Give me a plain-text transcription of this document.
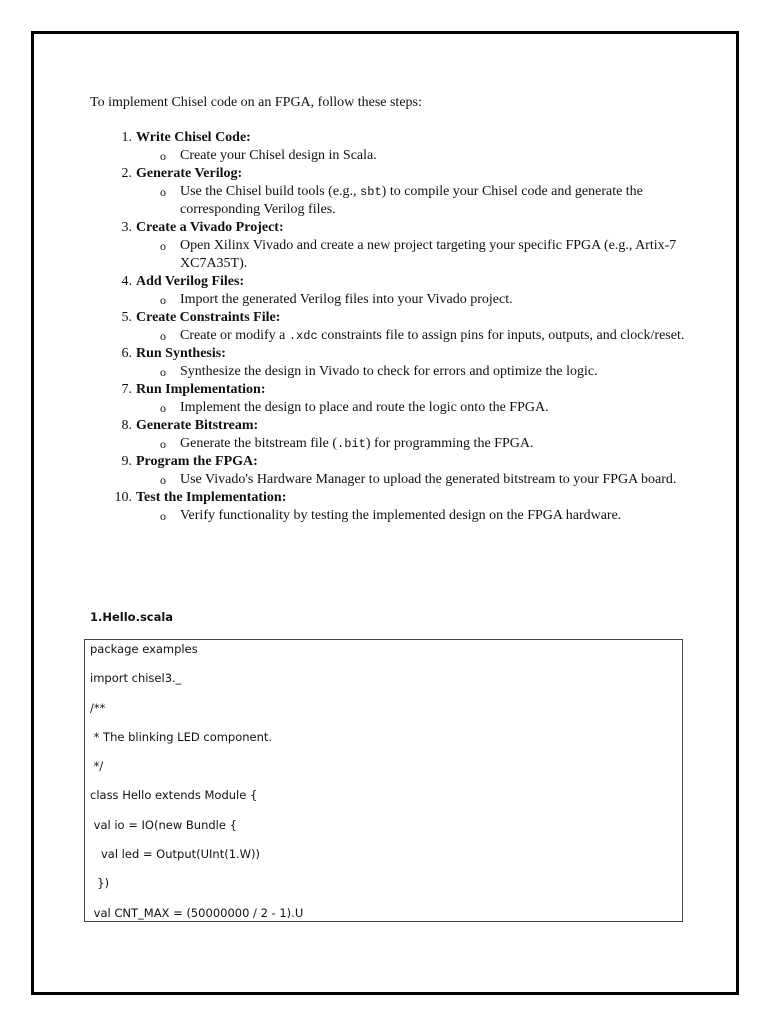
To implement Chisel code on an FPGA, follow these steps:

1. Write Chisel Code:
o Create your Chisel design in Scala.
2. Generate Verilog:
o Use the Chisel build tools (e.g., sbt) to compile your Chisel code and generate the corresponding Verilog files.
3. Create a Vivado Project:
o Open Xilinx Vivado and create a new project targeting your specific FPGA (e.g., Artix-7 XC7A35T).
4. Add Verilog Files:
o Import the generated Verilog files into your Vivado project.
5. Create Constraints File:
o Create or modify a .xdc constraints file to assign pins for inputs, outputs, and clock/reset.
6. Run Synthesis:
o Synthesize the design in Vivado to check for errors and optimize the logic.
7. Run Implementation:
o Implement the design to place and route the logic onto the FPGA.
8. Generate Bitstream:
o Generate the bitstream file (.bit) for programming the FPGA.
9. Program the FPGA:
o Use Vivado's Hardware Manager to upload the generated bitstream to your FPGA board.
10. Test the Implementation:
o Verify functionality by testing the implemented design on the FPGA hardware.

1.Hello.scala

package examples
import chisel3._
/**
* The blinking LED component.
*/
class Hello extends Module {
val io = IO(new Bundle {
val led = Output(UInt(1.W))
})
val CNT_MAX = (50000000 / 2 - 1).U
